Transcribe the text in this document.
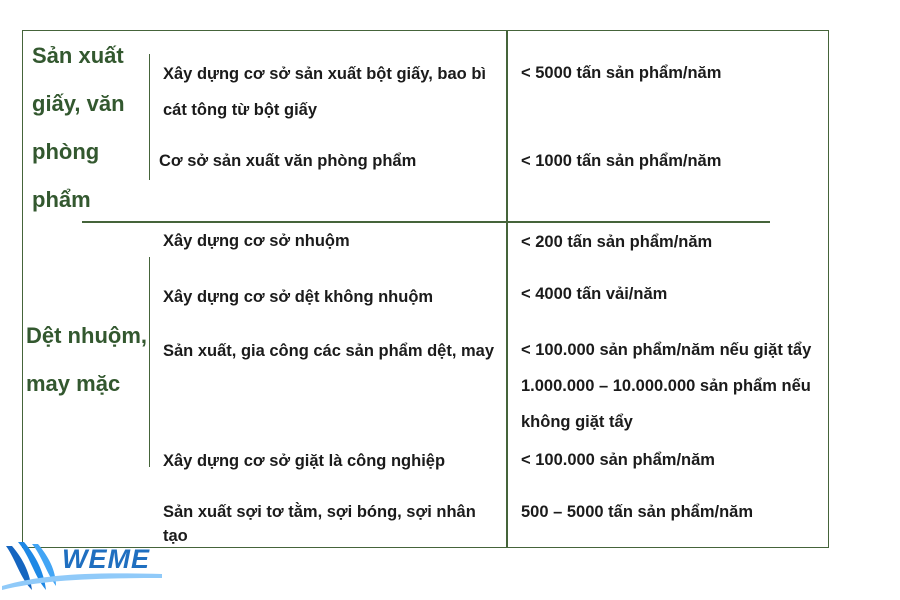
Sản xuất
giấy, văn
phòng
phẩm
Dệt nhuộm,
may mặc
Xây dựng cơ sở sản xuất bột giấy, bao bì cát tông từ bột giấy
Cơ sở sản xuất văn phòng phẩm
Xây dựng cơ sở nhuộm
Xây dựng cơ sở dệt không nhuộm
Sản xuất, gia công các sản phẩm dệt, may
Xây dựng cơ sở giặt là công nghiệp
Sản xuất sợi tơ tằm, sợi bóng, sợi nhân tạo
< 5000 tấn sản phẩm/năm
< 1000 tấn sản phẩm/năm
< 200 tấn sản phẩm/năm
< 4000 tấn vải/năm
< 100.000 sản phẩm/năm nếu giặt tẩy 1.000.000 – 10.000.000 sản phẩm nếu không giặt tẩy
< 100.000 sản phẩm/năm
500 – 5000 tấn sản phẩm/năm
WEME
